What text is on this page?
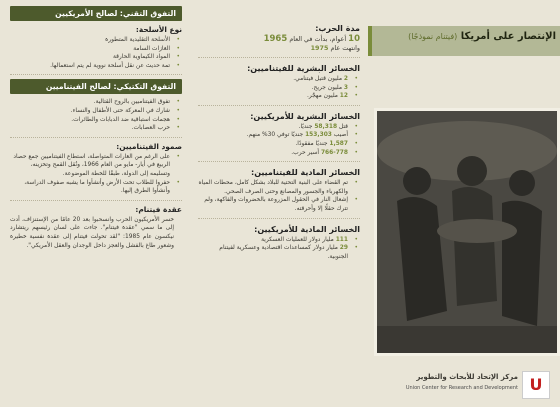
التفوق التقني: لصالح الأمريكيين
نوع الأسلحة:
• الأسلحة التقليدية المتطورة
• الغازات السامة
• المواد الكيماوية الحارقة
• تمة حديث عن نقل أسلحة نووية لم يتم استعمالها.
التفوق التكتيكي: لصالح الفيتناميين
• تفوق الفيتناميين بالروح القتالية.
• شارك في المعركة حتى الأطفال والنساء.
• هجمات استباقية ضد الدبابات والطائرات.
• حرب العصابات.
صمود الفيتناميين:
• على الرغم من الغارات المتواصلة، استطاع الفيتناميين جمع حصاد الربيع في أيار- مايو من العام 1966، ونُقل القمح وتخزينه، وتسليمه إلى الدولة، طبقًا للخطة الموضوعة.
• حفروا للطلاب تحت الأرض وأنشأوا ما يشبه صفوف الدراسة، وأنشأوا الطرق إليها.
عقدة فيتنام:

خسر الأمريكيون الحرب وانسحبوا بعد 20 عامًا من الإستنزاف، أدت إلى ما سمي "عقدة فيتنام". جاءت على لسان رئيسهم ريتشارد نيكسون عام 1985: "لقد تحولت فيتنام إلى عقدة نفسية خطيرة وشعور طاغ بالفشل والعجز داخل الوجدان والعقل الأمريكي".

مدة الحرب:
10 أعوام، بدأت في العام 1965
وانتهت عام 1975
الخسائر البشرية للفيتناميين:
• 2 مليون قتيل فيتنامي.
• 3 مليون جريح.
• 12 مليون مهجّر.
الخسائر البشرية للأمريكيين:
• قتل 58,318 جنديًا.
• أصيب 153,303 جنديًا توفي 30% منهم.
• 1,587 جنديًا مفقودًا.
• 766-778 أسير حرب.
الخسائر المادية للفيتناميين:
• تم القضاء على البنية التحتية للبلاد بشكل كامل، محطات المياه والكهرباء والجسور والمصانع وحتى الصرف الصحي.
• إشعال النار في الحقول المزروعة بالخضروات والفاكهة، ولم تترك حقلًا إلا وأحرقته.
الخسائر المادية للأمريكيين:
• 111 مليار دولار للعمليات العسكرية
• 29 مليار دولار كمساعدات اقتصادية وعسكرية لفيتنام الجنوبية.
الإنتصار على أمريكا (فيتنام نموذجًا)
U
مركز الإتحاد للأبحاث والتطوير
Union Center for Research and Development
